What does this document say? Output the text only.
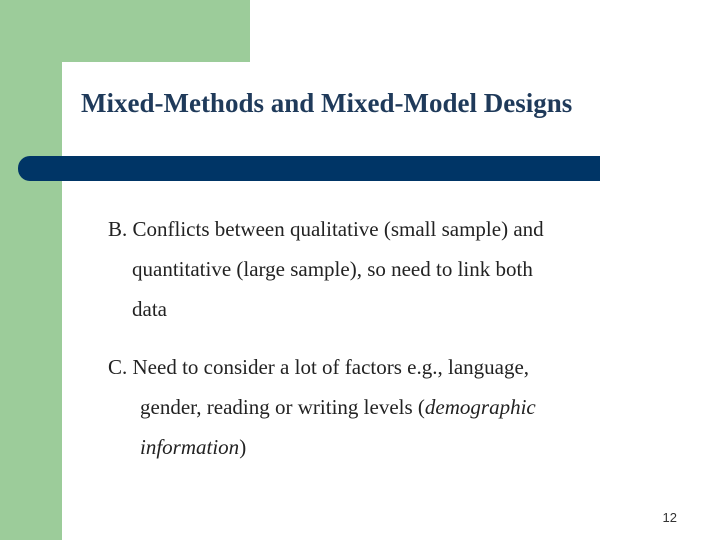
Mixed-Methods and Mixed-Model Designs
B. Conflicts between qualitative (small sample) and
quantitative (large sample), so need to link both
data
C. Need to consider a lot of factors e.g., language,
gender, reading or writing levels (demographic
information)
12
